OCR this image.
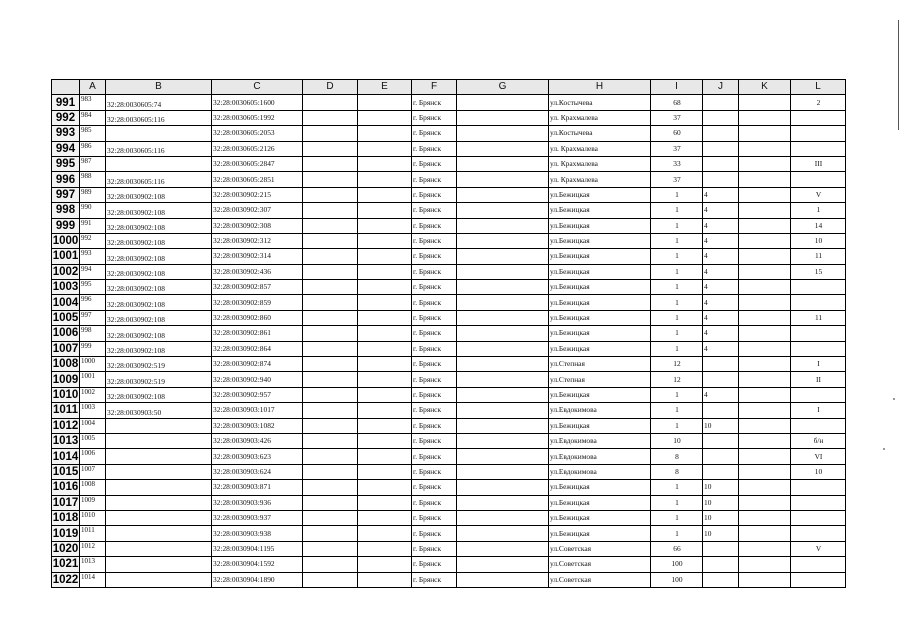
	A	B	C	D	E	F	G	H	I	J	K	L
991	983	32:28:0030605:74	32:28:0030605:1600			г. Брянск		ул.Костычева	68			2
992	984	32:28:0030605:116	32:28:0030605:1992			г. Брянск		ул. Крахмалева	37			
993	985		32:28:0030605:2053			г. Брянск		ул.Костычева	60			
994	986	32:28:0030605:116	32:28:0030605:2126			г. Брянск		ул. Крахмалева	37			
995	987		32:28:0030605:2847			г. Брянск		ул. Крахмалева	33			III
996	988	32:28:0030605:116	32:28:0030605:2851			г. Брянск		ул. Крахмалева	37			
997	989	32:28:0030902:108	32:28:0030902:215			г. Брянск		ул.Бежицкая	1	4		V
998	990	32:28:0030902:108	32:28:0030902:307			г. Брянск		ул.Бежицкая	1	4		1
999	991	32:28:0030902:108	32:28:0030902:308			г. Брянск		ул.Бежицкая	1	4		14
1000	992	32:28:0030902:108	32:28:0030902:312			г. Брянск		ул.Бежицкая	1	4		10
1001	993	32:28:0030902:108	32:28:0030902:314			г. Брянск		ул.Бежицкая	1	4		11
1002	994	32:28:0030902:108	32:28:0030902:436			г. Брянск		ул.Бежицкая	1	4		15
1003	995	32:28:0030902:108	32:28:0030902:857			г. Брянск		ул.Бежицкая	1	4		
1004	996	32:28:0030902:108	32:28:0030902:859			г. Брянск		ул.Бежицкая	1	4		
1005	997	32:28:0030902:108	32:28:0030902:860			г. Брянск		ул.Бежицкая	1	4		11
1006	998	32:28:0030902:108	32:28:0030902:861			г. Брянск		ул.Бежицкая	1	4		
1007	999	32:28:0030902:108	32:28:0030902:864			г. Брянск		ул.Бежицкая	1	4		
1008	1000	32:28:0030902:519	32:28:0030902:874			г. Брянск		ул.Степная	12			I
1009	1001	32:28:0030902:519	32:28:0030902:940			г. Брянск		ул.Степная	12			II
1010	1002	32:28:0030902:108	32:28:0030902:957			г. Брянск		ул.Бежицкая	1	4		
1011	1003	32:28:0030903:50	32:28:0030903:1017			г. Брянск		ул.Евдокимова	1			I
1012	1004		32:28:0030903:1082			г. Брянск		ул.Бежицкая	1	10		
1013	1005		32:28:0030903:426			г. Брянск		ул.Евдокимова	10			б/н
1014	1006		32:28:0030903:623			г. Брянск		ул.Евдокимова	8			VI
1015	1007		32:28:0030903:624			г. Брянск		ул.Евдокимова	8			10
1016	1008		32:28:0030903:871			г. Брянск		ул.Бежицкая	1	10		
1017	1009		32:28:0030903:936			г. Брянск		ул.Бежицкая	1	10		
1018	1010		32:28:0030903:937			г. Брянск		ул.Бежицкая	1	10		
1019	1011		32:28:0030903:938			г. Брянск		ул.Бежицкая	1	10		
1020	1012		32:28:0030904:1195			г. Брянск		ул.Советская	66			V
1021	1013		32:28:0030904:1592			г. Брянск		ул.Советская	100			
1022	1014		32:28:0030904:1890			г. Брянск		ул.Советская	100			
